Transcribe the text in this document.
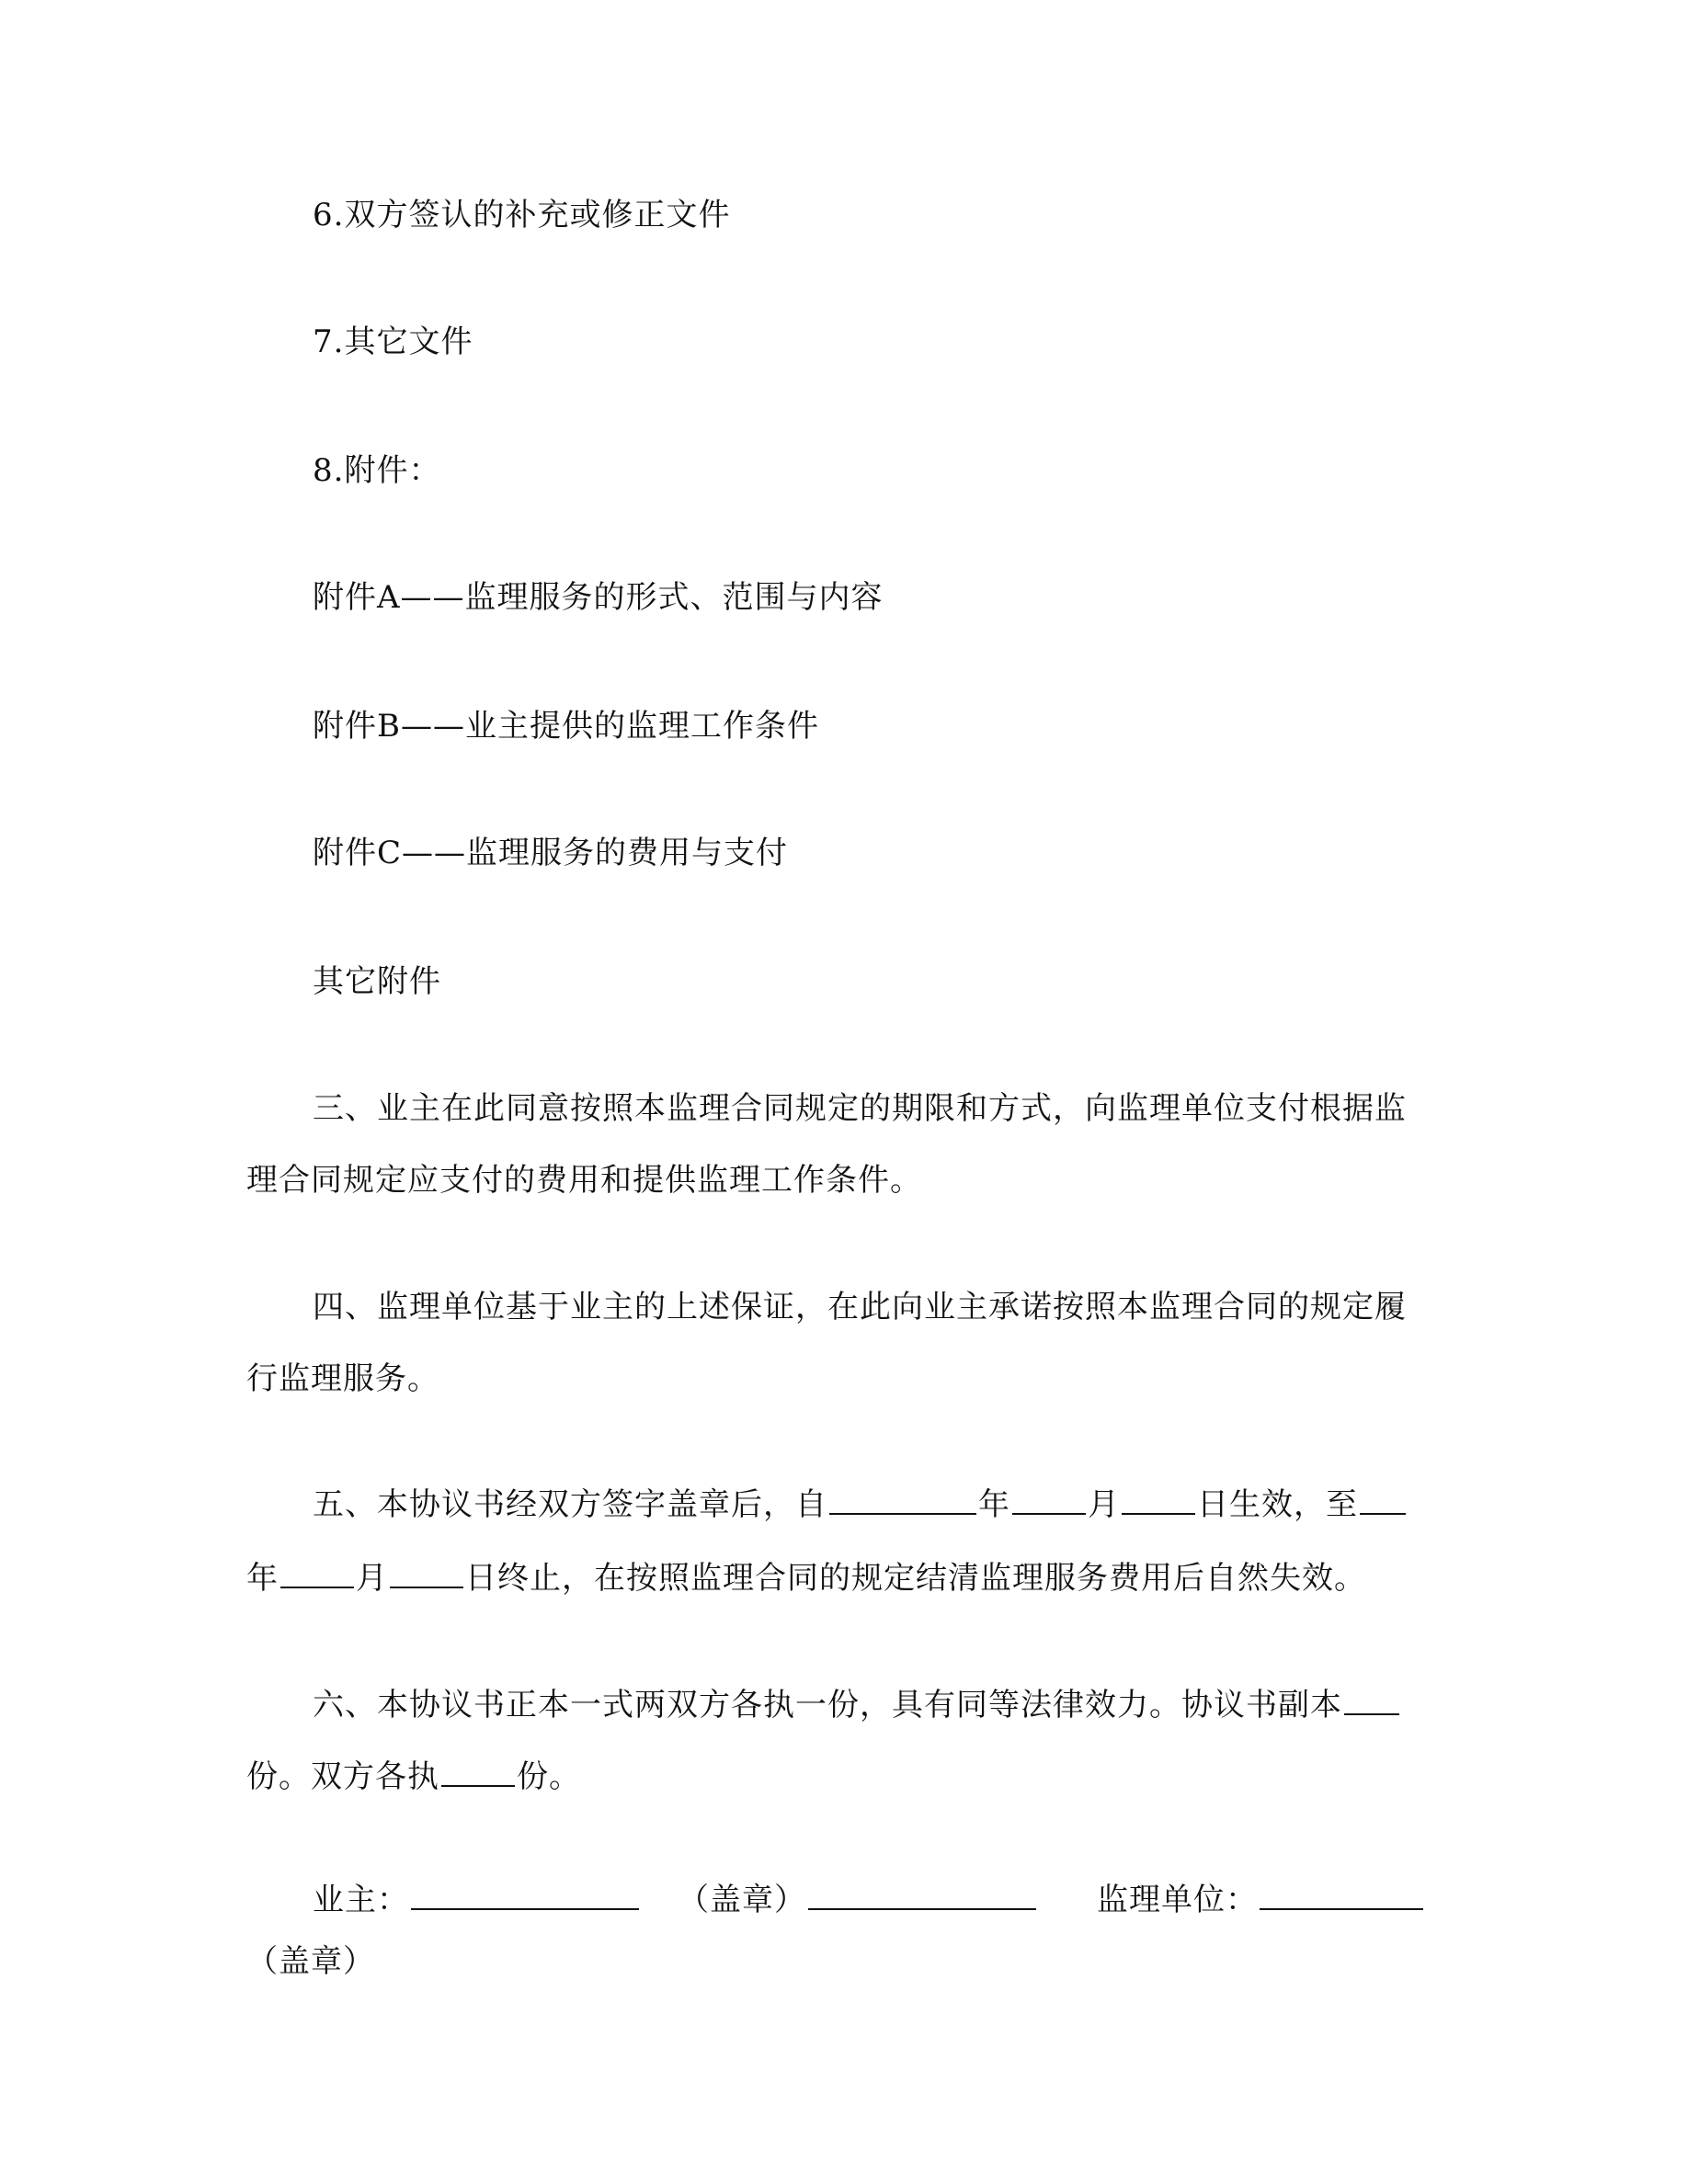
6.双方签认的补充或修正文件

7.其它文件

8.附件：

附件A——监理服务的形式、范围与内容

附件B——业主提供的监理工作条件

附件C——监理服务的费用与支付

其它附件

三、业主在此同意按照本监理合同规定的期限和方式，向监理单位支付根据监

理合同规定应支付的费用和提供监理工作条件。

四、监理单位基于业主的上述保证，在此向业主承诺按照本监理合同的规定履

行监理服务。

五、本协议书经双方签字盖章后，自	年 月 日生效，至

年 月 日终止，在按照监理合同的规定结清监理服务费用后自然失效。

六、本协议书正本一式两双方各执一份，具有同等法律效力。协议书副本

份。双方各执 份。

业主：	（盖章）	监理单位：

（盖章）
